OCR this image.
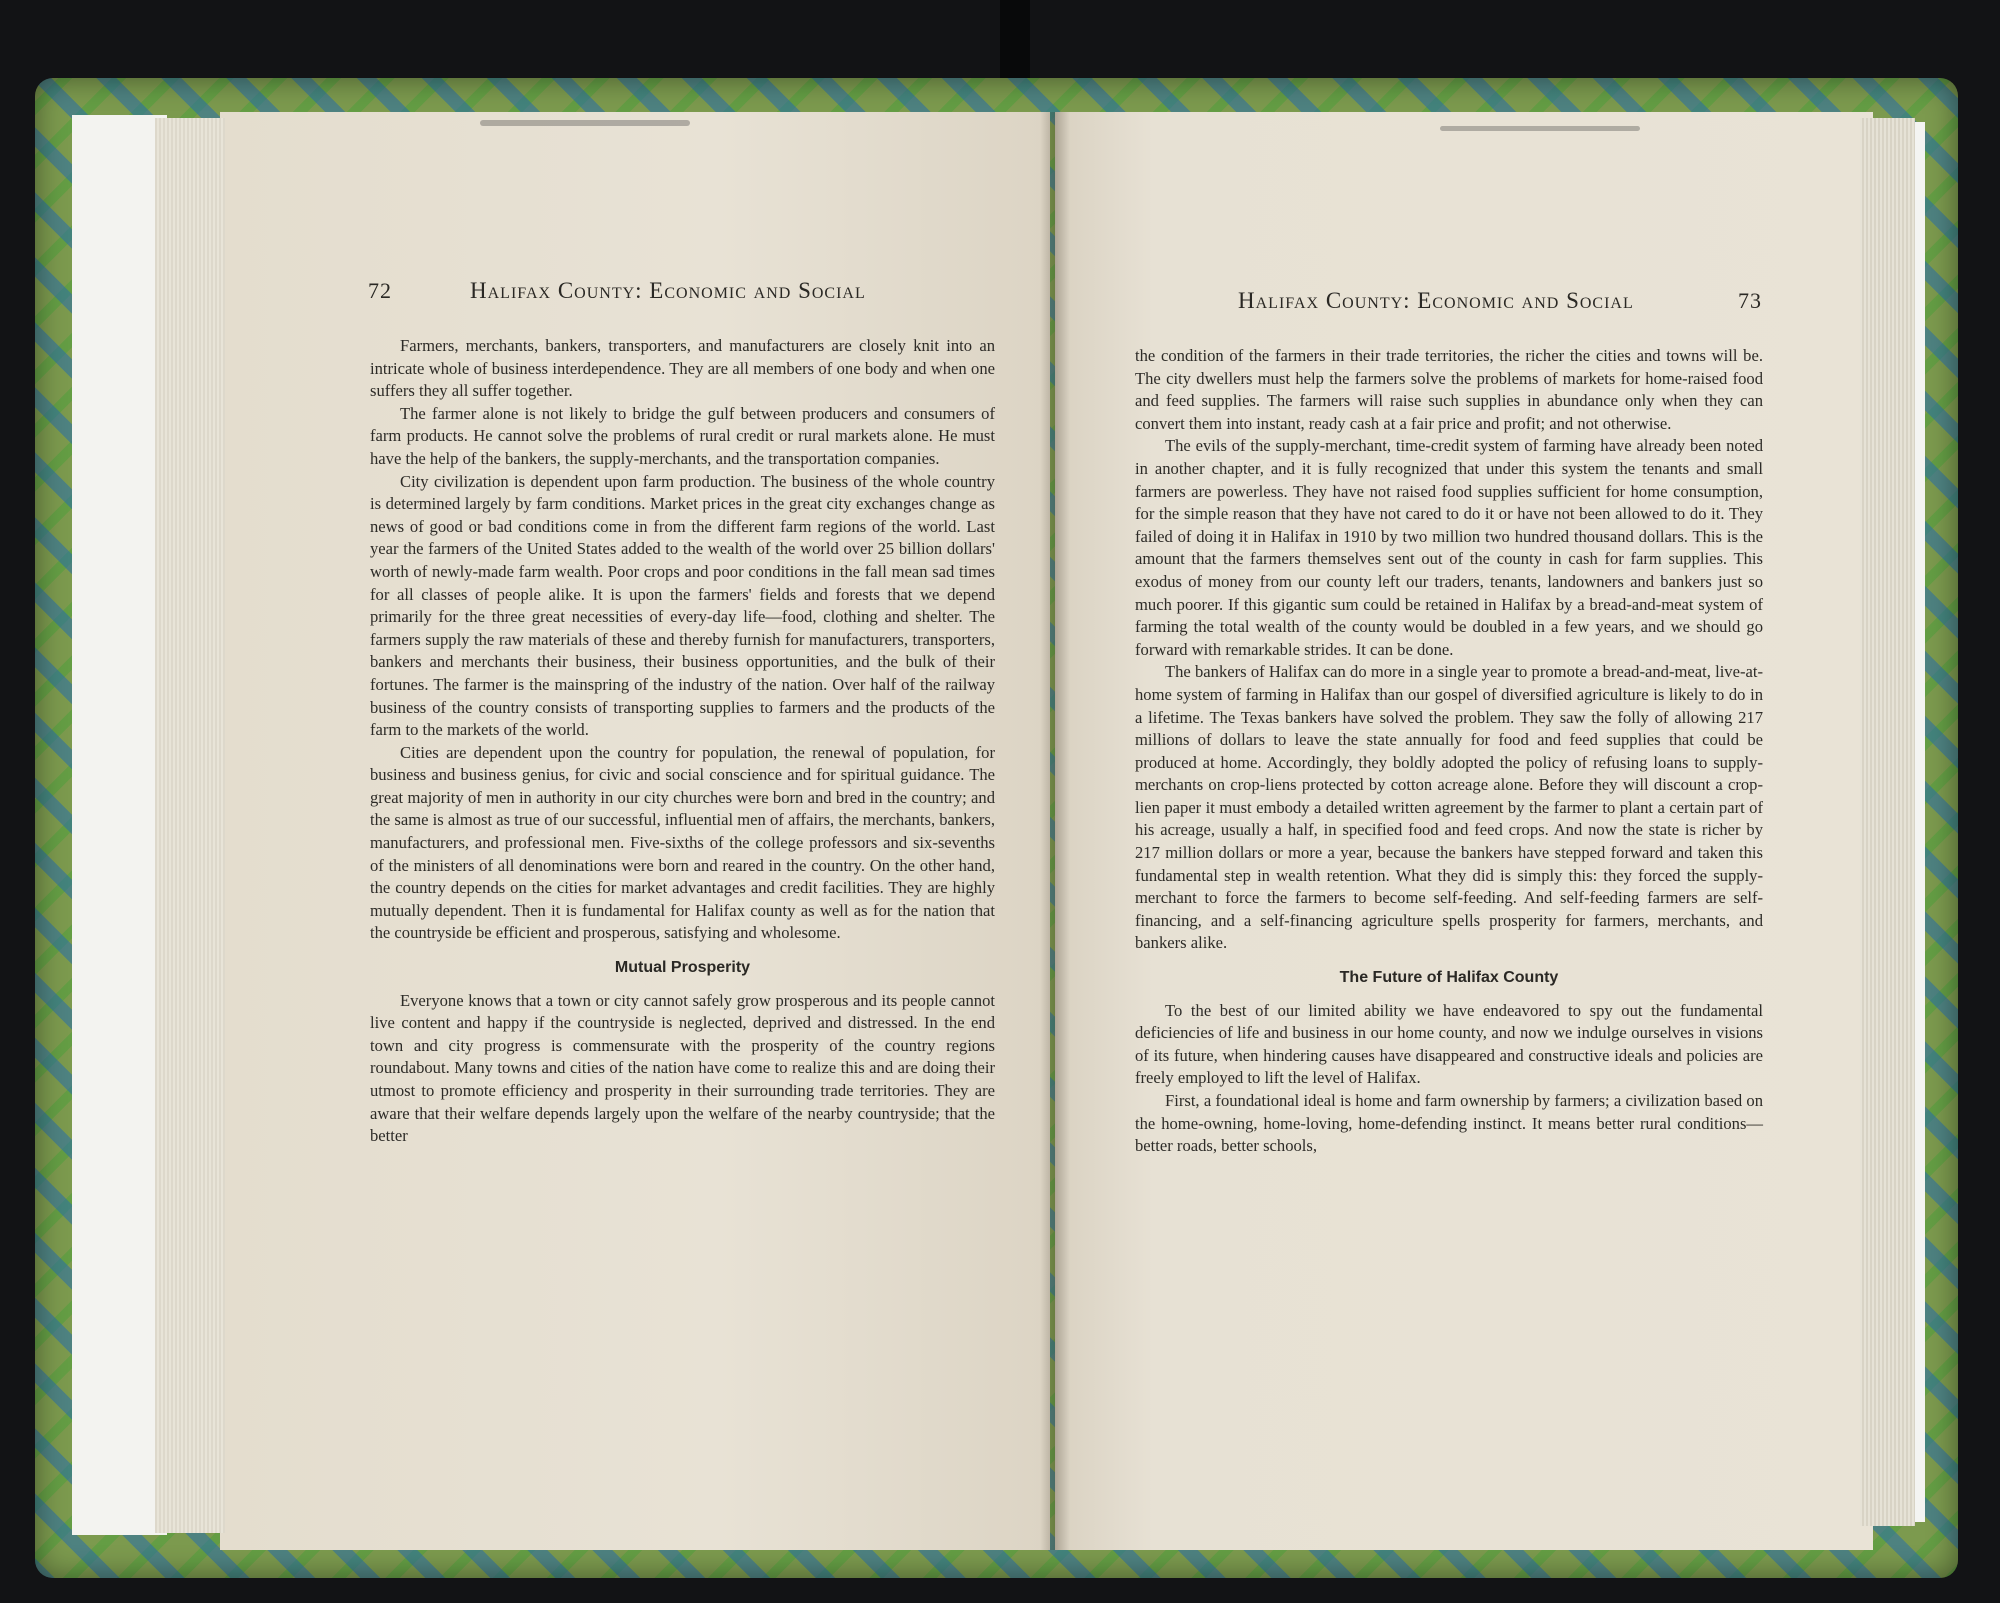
72	Halifax County: Economic and Social	Halifax County: Economic and Social	73

Farmers, merchants, bankers, transporters, and manufacturers are closely knit into an intricate whole of business interdependence. They are all members of one body and when one suffers they all suffer together.

The farmer alone is not likely to bridge the gulf between producers and consumers of farm products. He cannot solve the problems of rural credit or rural markets alone. He must have the help of the bankers, the supply-merchants, and the transportation companies.

City civilization is dependent upon farm production. The business of the whole country is determined largely by farm conditions. Market prices in the great city exchanges change as news of good or bad conditions come in from the different farm regions of the world. Last year the farmers of the United States added to the wealth of the world over 25 billion dollars' worth of newly-made farm wealth. Poor crops and poor conditions in the fall mean sad times for all classes of people alike. It is upon the farmers' fields and forests that we depend primarily for the three great necessities of every-day life—food, clothing and shelter. The farmers supply the raw materials of these and thereby furnish for manufacturers, transporters, bankers and merchants their business, their business opportunities, and the bulk of their fortunes. The farmer is the mainspring of the industry of the nation. Over half of the railway business of the country consists of transporting supplies to farmers and the products of the farm to the markets of the world.

Cities are dependent upon the country for population, the renewal of population, for business and business genius, for civic and social conscience and for spiritual guidance. The great majority of men in authority in our city churches were born and bred in the country; and the same is almost as true of our successful, influential men of affairs, the merchants, bankers, manufacturers, and professional men. Five-sixths of the college professors and six-sevenths of the ministers of all denominations were born and reared in the country. On the other hand, the country depends on the cities for market advantages and credit facilities. They are highly mutually dependent. Then it is fundamental for Halifax county as well as for the nation that the countryside be efficient and prosperous, satisfying and wholesome.

Mutual Prosperity

Everyone knows that a town or city cannot safely grow prosperous and its people cannot live content and happy if the countryside is neglected, deprived and distressed. In the end town and city progress is commensurate with the prosperity of the country regions roundabout. Many towns and cities of the nation have come to realize this and are doing their utmost to promote efficiency and prosperity in their surrounding trade territories. They are aware that their welfare depends largely upon the welfare of the nearby countryside; that the better

the condition of the farmers in their trade territories, the richer the cities and towns will be. The city dwellers must help the farmers solve the problems of markets for home-raised food and feed supplies. The farmers will raise such supplies in abundance only when they can convert them into instant, ready cash at a fair price and profit; and not otherwise.

The evils of the supply-merchant, time-credit system of farming have already been noted in another chapter, and it is fully recognized that under this system the tenants and small farmers are powerless. They have not raised food supplies sufficient for home consumption, for the simple reason that they have not cared to do it or have not been allowed to do it. They failed of doing it in Halifax in 1910 by two million two hundred thousand dollars. This is the amount that the farmers themselves sent out of the county in cash for farm supplies. This exodus of money from our county left our traders, tenants, landowners and bankers just so much poorer. If this gigantic sum could be retained in Halifax by a bread-and-meat system of farming the total wealth of the county would be doubled in a few years, and we should go forward with remarkable strides. It can be done.

The bankers of Halifax can do more in a single year to promote a bread-and-meat, live-at-home system of farming in Halifax than our gospel of diversified agriculture is likely to do in a lifetime. The Texas bankers have solved the problem. They saw the folly of allowing 217 millions of dollars to leave the state annually for food and feed supplies that could be produced at home. Accordingly, they boldly adopted the policy of refusing loans to supply-merchants on crop-liens protected by cotton acreage alone. Before they will discount a crop-lien paper it must embody a detailed written agreement by the farmer to plant a certain part of his acreage, usually a half, in specified food and feed crops. And now the state is richer by 217 million dollars or more a year, because the bankers have stepped forward and taken this fundamental step in wealth retention. What they did is simply this: they forced the supply-merchant to force the farmers to become self-feeding. And self-feeding farmers are self-financing, and a self-financing agriculture spells prosperity for farmers, merchants, and bankers alike.

The Future of Halifax County

To the best of our limited ability we have endeavored to spy out the fundamental deficiencies of life and business in our home county, and now we indulge ourselves in visions of its future, when hindering causes have disappeared and constructive ideals and policies are freely employed to lift the level of Halifax.

First, a foundational ideal is home and farm ownership by farmers; a civilization based on the home-owning, home-loving, home-defending instinct. It means better rural conditions—better roads, better schools,
